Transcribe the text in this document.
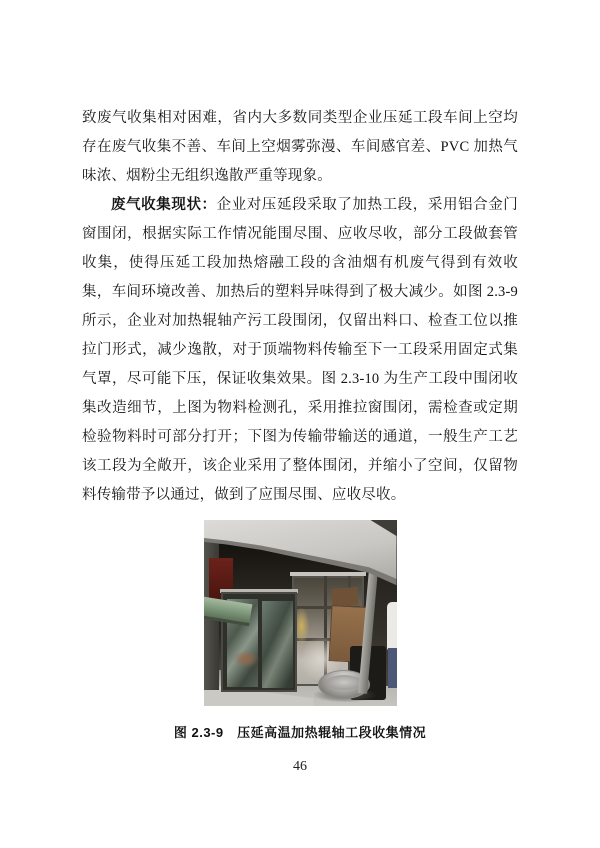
致废气收集相对困难，省内大多数同类型企业压延工段车间上空均存在废气收集不善、车间上空烟雾弥漫、车间感官差、PVC 加热气味浓、烟粉尘无组织逸散严重等现象。

废气收集现状：企业对压延段采取了加热工段，采用铝合金门窗围闭，根据实际工作情况能围尽围、应收尽收，部分工段做套管收集，使得压延工段加热熔融工段的含油烟有机废气得到有效收集，车间环境改善、加热后的塑料异味得到了极大减少。如图 2.3-9 所示，企业对加热辊轴产污工段围闭，仅留出料口、检查工位以推拉门形式，减少逸散，对于顶端物料传输至下一工段采用固定式集气罩，尽可能下压，保证收集效果。图 2.3-10 为生产工段中围闭收集改造细节，上图为物料检测孔，采用推拉窗围闭，需检查或定期检验物料时可部分打开；下图为传输带输送的通道，一般生产工艺该工段为全敞开，该企业采用了整体围闭，并缩小了空间，仅留物料传输带予以通过，做到了应围尽围、应收尽收。

图 2.3-9　压延高温加热辊轴工段收集情况
46
